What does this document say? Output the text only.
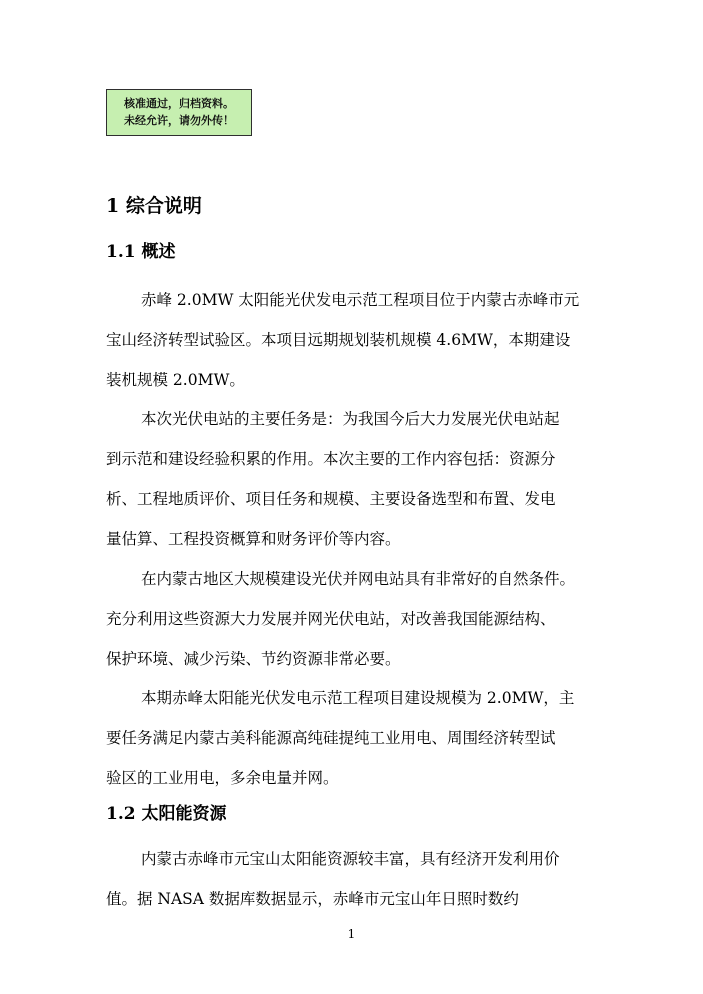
核准通过，归档资料。
未经允许，请勿外传！
1 综合说明
1.1 概述
赤峰 2.0MW 太阳能光伏发电示范工程项目位于内蒙古赤峰市元
宝山经济转型试验区。本项目远期规划装机规模 4.6MW，本期建设
装机规模 2.0MW。
本次光伏电站的主要任务是：为我国今后大力发展光伏电站起
到示范和建设经验积累的作用。本次主要的工作内容包括：资源分
析、工程地质评价、项目任务和规模、主要设备选型和布置、发电
量估算、工程投资概算和财务评价等内容。
在内蒙古地区大规模建设光伏并网电站具有非常好的自然条件。
充分利用这些资源大力发展并网光伏电站，对改善我国能源结构、
保护环境、减少污染、节约资源非常必要。
本期赤峰太阳能光伏发电示范工程项目建设规模为 2.0MW，主
要任务满足内蒙古美科能源高纯硅提纯工业用电、周围经济转型试
验区的工业用电，多余电量并网。
1.2 太阳能资源
内蒙古赤峰市元宝山太阳能资源较丰富，具有经济开发利用价
值。据 NASA 数据库数据显示，赤峰市元宝山年日照时数约
1
